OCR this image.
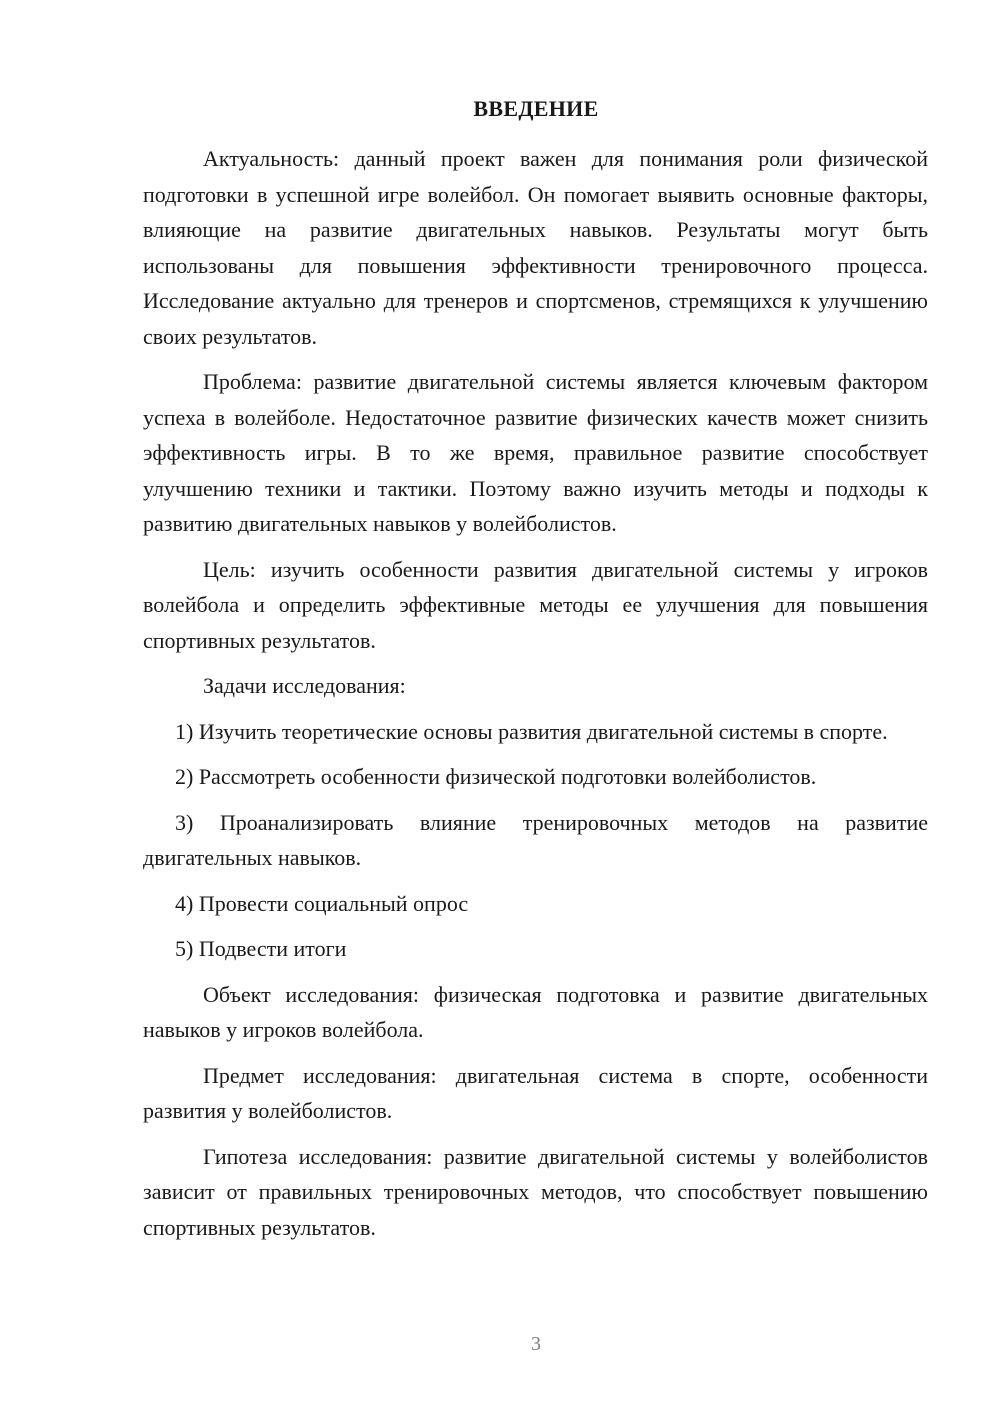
ВВЕДЕНИЕ

Актуальность: данный проект важен для понимания роли физической подготовки в успешной игре волейбол. Он помогает выявить основные факторы, влияющие на развитие двигательных навыков. Результаты могут быть использованы для повышения эффективности тренировочного процесса. Исследование актуально для тренеров и спортсменов, стремящихся к улучшению своих результатов.

Проблема: развитие двигательной системы является ключевым фактором успеха в волейболе. Недостаточное развитие физических качеств может снизить эффективность игры. В то же время, правильное развитие способствует улучшению техники и тактики. Поэтому важно изучить методы и подходы к развитию двигательных навыков у волейболистов.

Цель: изучить особенности развития двигательной системы у игроков волейбола и определить эффективные методы ее улучшения для повышения спортивных результатов.

Задачи исследования:

1) Изучить теоретические основы развития двигательной системы в спорте.

2) Рассмотреть особенности физической подготовки волейболистов.

3) Проанализировать влияние тренировочных методов на развитие двигательных навыков.

4) Провести социальный опрос

5) Подвести итоги

Объект исследования: физическая подготовка и развитие двигательных навыков у игроков волейбола.

Предмет исследования: двигательная система в спорте, особенности развития у волейболистов.

Гипотеза исследования: развитие двигательной системы у волейболистов зависит от правильных тренировочных методов, что способствует повышению спортивных результатов.

3
